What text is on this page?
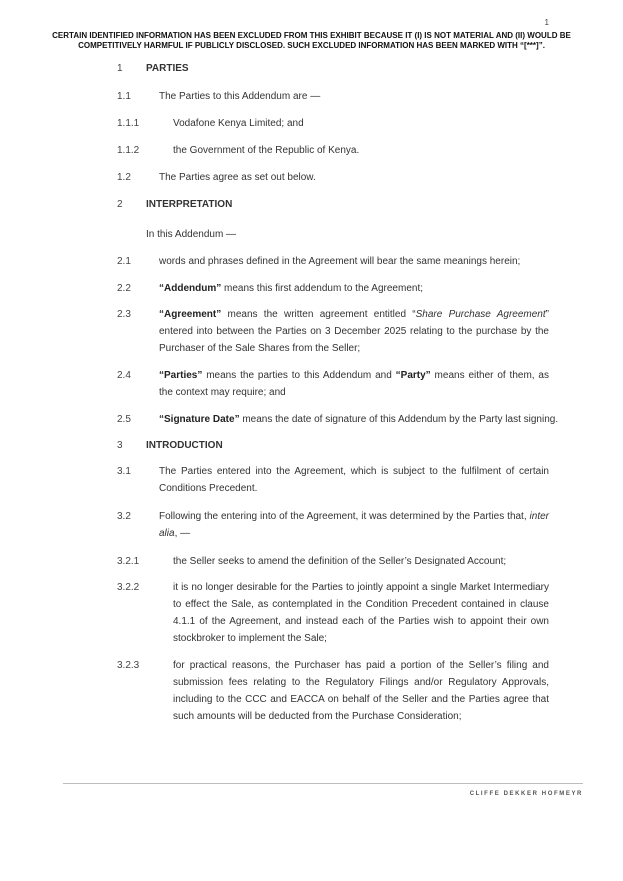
1
CERTAIN IDENTIFIED INFORMATION HAS BEEN EXCLUDED FROM THIS EXHIBIT BECAUSE IT (I) IS NOT MATERIAL AND (II) WOULD BE COMPETITIVELY HARMFUL IF PUBLICLY DISCLOSED. SUCH EXCLUDED INFORMATION HAS BEEN MARKED WITH “[***]”.
1 PARTIES
1.1	The Parties to this Addendum are —
1.1.1	Vodafone Kenya Limited; and
1.1.2	the Government of the Republic of Kenya.
1.2	The Parties agree as set out below.
2 INTERPRETATION
In this Addendum —
2.1	words and phrases defined in the Agreement will bear the same meanings herein;
2.2	“Addendum” means this first addendum to the Agreement;
2.3	“Agreement” means the written agreement entitled “Share Purchase Agreement” entered into between the Parties on 3 December 2025 relating to the purchase by the Purchaser of the Sale Shares from the Seller;
2.4	“Parties” means the parties to this Addendum and “Party” means either of them, as the context may require; and
2.5	“Signature Date” means the date of signature of this Addendum by the Party last signing.
3 INTRODUCTION
3.1	The Parties entered into the Agreement, which is subject to the fulfilment of certain Conditions Precedent.
3.2	Following the entering into of the Agreement, it was determined by the Parties that, inter alia, —
3.2.1	the Seller seeks to amend the definition of the Seller’s Designated Account;
3.2.2	it is no longer desirable for the Parties to jointly appoint a single Market Intermediary to effect the Sale, as contemplated in the Condition Precedent contained in clause 4.1.1 of the Agreement, and instead each of the Parties wish to appoint their own stockbroker to implement the Sale;
3.2.3	for practical reasons, the Purchaser has paid a portion of the Seller’s filing and submission fees relating to the Regulatory Filings and/or Regulatory Approvals, including to the CCC and EACCA on behalf of the Seller and the Parties agree that such amounts will be deducted from the Purchase Consideration;
CLIFFE DEKKER HOFMEYR
